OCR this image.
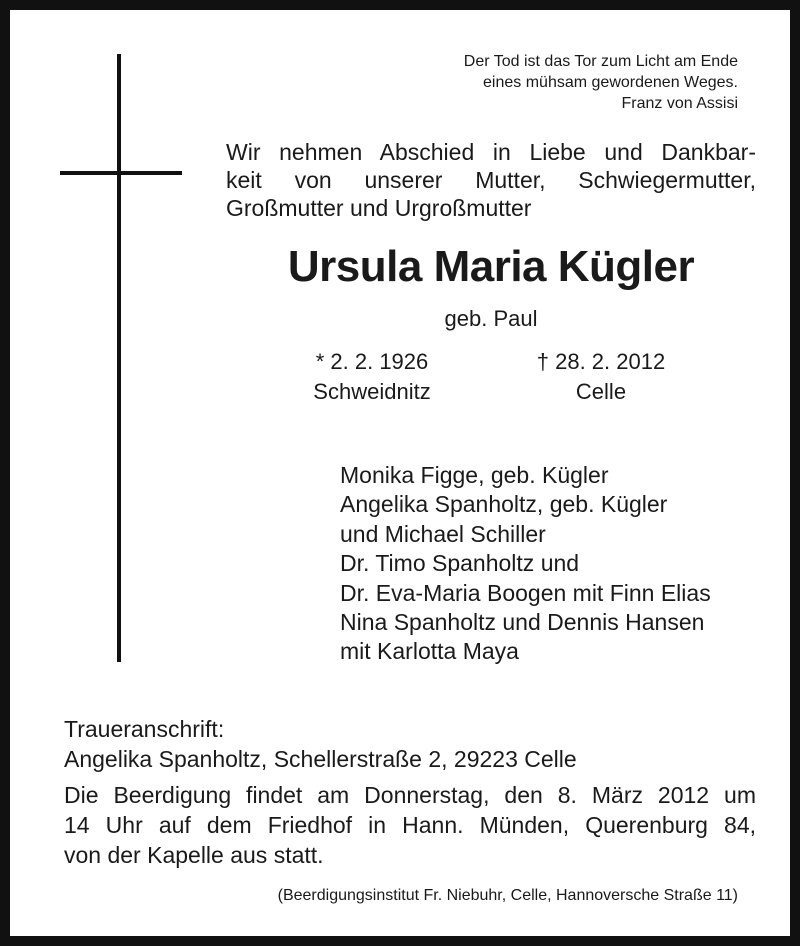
Der Tod ist das Tor zum Licht am Ende
eines mühsam gewordenen Weges.
Franz von Assisi
Wir nehmen Abschied in Liebe und Dankbar-
keit von unserer Mutter, Schwiegermutter,
Großmutter und Urgroßmutter
Ursula Maria Kügler
geb. Paul
* 2. 2. 1926
Schweidnitz
† 28. 2. 2012
Celle
Monika Figge, geb. Kügler
Angelika Spanholtz, geb. Kügler
und Michael Schiller
Dr. Timo Spanholtz und
Dr. Eva-Maria Boogen mit Finn Elias
Nina Spanholtz und Dennis Hansen
mit Karlotta Maya
Traueranschrift:
Angelika Spanholtz, Schellerstraße 2, 29223 Celle
Die Beerdigung findet am Donnerstag, den 8. März 2012 um
14 Uhr auf dem Friedhof in Hann. Münden, Querenburg 84,
von der Kapelle aus statt.
(Beerdigungsinstitut Fr. Niebuhr, Celle, Hannoversche Straße 11)
